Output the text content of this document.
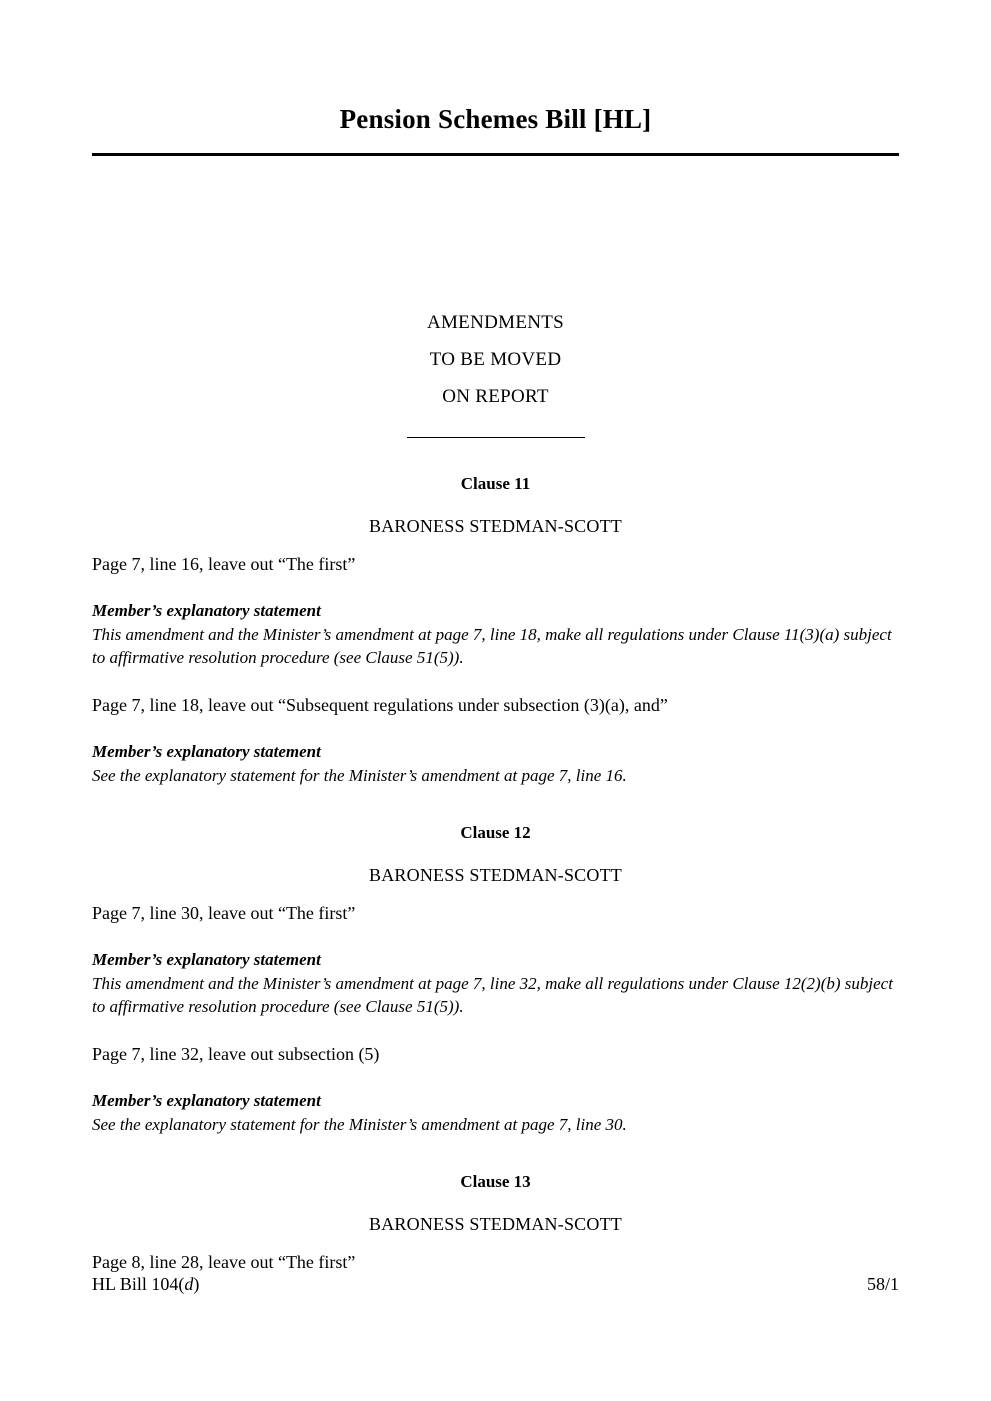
Pension Schemes Bill [HL]
AMENDMENTS
TO BE MOVED
ON REPORT
Clause 11
BARONESS STEDMAN-SCOTT
Page 7, line 16, leave out “The first”
Member’s explanatory statement
This amendment and the Minister’s amendment at page 7, line 18, make all regulations under Clause 11(3)(a) subject to affirmative resolution procedure (see Clause 51(5)).
Page 7, line 18, leave out “Subsequent regulations under subsection (3)(a), and”
Member’s explanatory statement
See the explanatory statement for the Minister’s amendment at page 7, line 16.
Clause 12
BARONESS STEDMAN-SCOTT
Page 7, line 30, leave out “The first”
Member’s explanatory statement
This amendment and the Minister’s amendment at page 7, line 32, make all regulations under Clause 12(2)(b) subject to affirmative resolution procedure (see Clause 51(5)).
Page 7, line 32, leave out subsection (5)
Member’s explanatory statement
See the explanatory statement for the Minister’s amendment at page 7, line 30.
Clause 13
BARONESS STEDMAN-SCOTT
Page 8, line 28, leave out “The first”
HL Bill 104(d)	58/1
